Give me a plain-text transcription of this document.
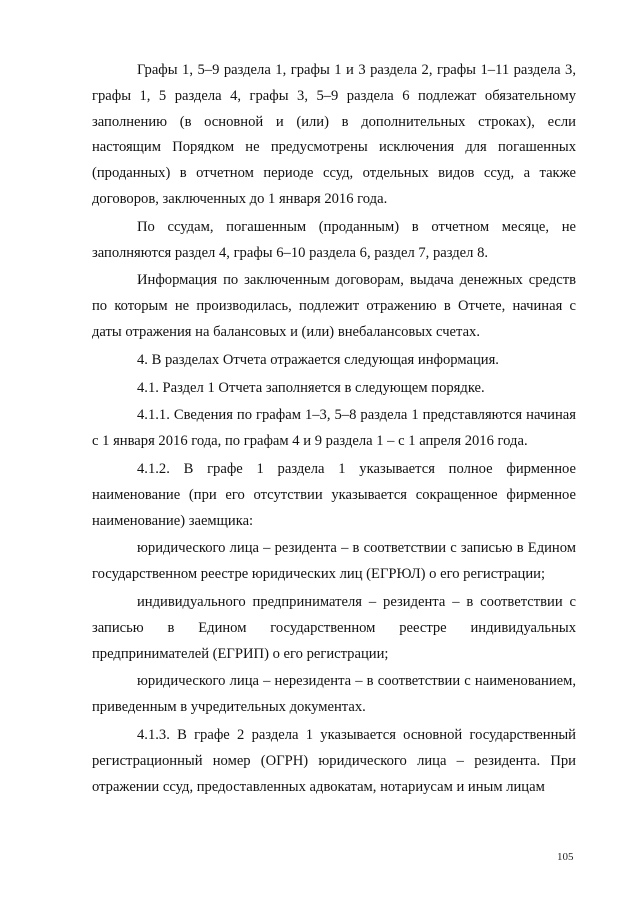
Графы 1, 5–9 раздела 1, графы 1 и 3 раздела 2, графы 1–11 раздела 3, графы 1, 5 раздела 4, графы 3, 5–9 раздела 6 подлежат обязательному заполнению (в основной и (или) в дополнительных строках), если настоящим Порядком не предусмотрены исключения для погашенных (проданных) в отчетном периоде ссуд, отдельных видов ссуд, а также договоров, заключенных до 1 января 2016 года.

По ссудам, погашенным (проданным) в отчетном месяце, не заполняются раздел 4, графы 6–10 раздела 6, раздел 7, раздел 8.

Информация по заключенным договорам, выдача денежных средств по которым не производилась, подлежит отражению в Отчете, начиная с даты отражения на балансовых и (или) внебалансовых счетах.

4. В разделах Отчета отражается следующая информация.

4.1. Раздел 1 Отчета заполняется в следующем порядке.

4.1.1. Сведения по графам 1–3, 5–8 раздела 1 представляются начиная с 1 января 2016 года, по графам 4 и 9 раздела 1 – с 1 апреля 2016 года.

4.1.2. В графе 1 раздела 1 указывается полное фирменное наименование (при его отсутствии указывается сокращенное фирменное наименование) заемщика:

юридического лица – резидента – в соответствии с записью в Едином государственном реестре юридических лиц (ЕГРЮЛ) о его регистрации;

индивидуального предпринимателя – резидента – в соответствии с записью в Едином государственном реестре индивидуальных предпринимателей (ЕГРИП) о его регистрации;

юридического лица – нерезидента – в соответствии с наименованием, приведенным в учредительных документах.

4.1.3. В графе 2 раздела 1 указывается основной государственный регистрационный номер (ОГРН) юридического лица – резидента. При отражении ссуд, предоставленных адвокатам, нотариусам и иным лицам

105
